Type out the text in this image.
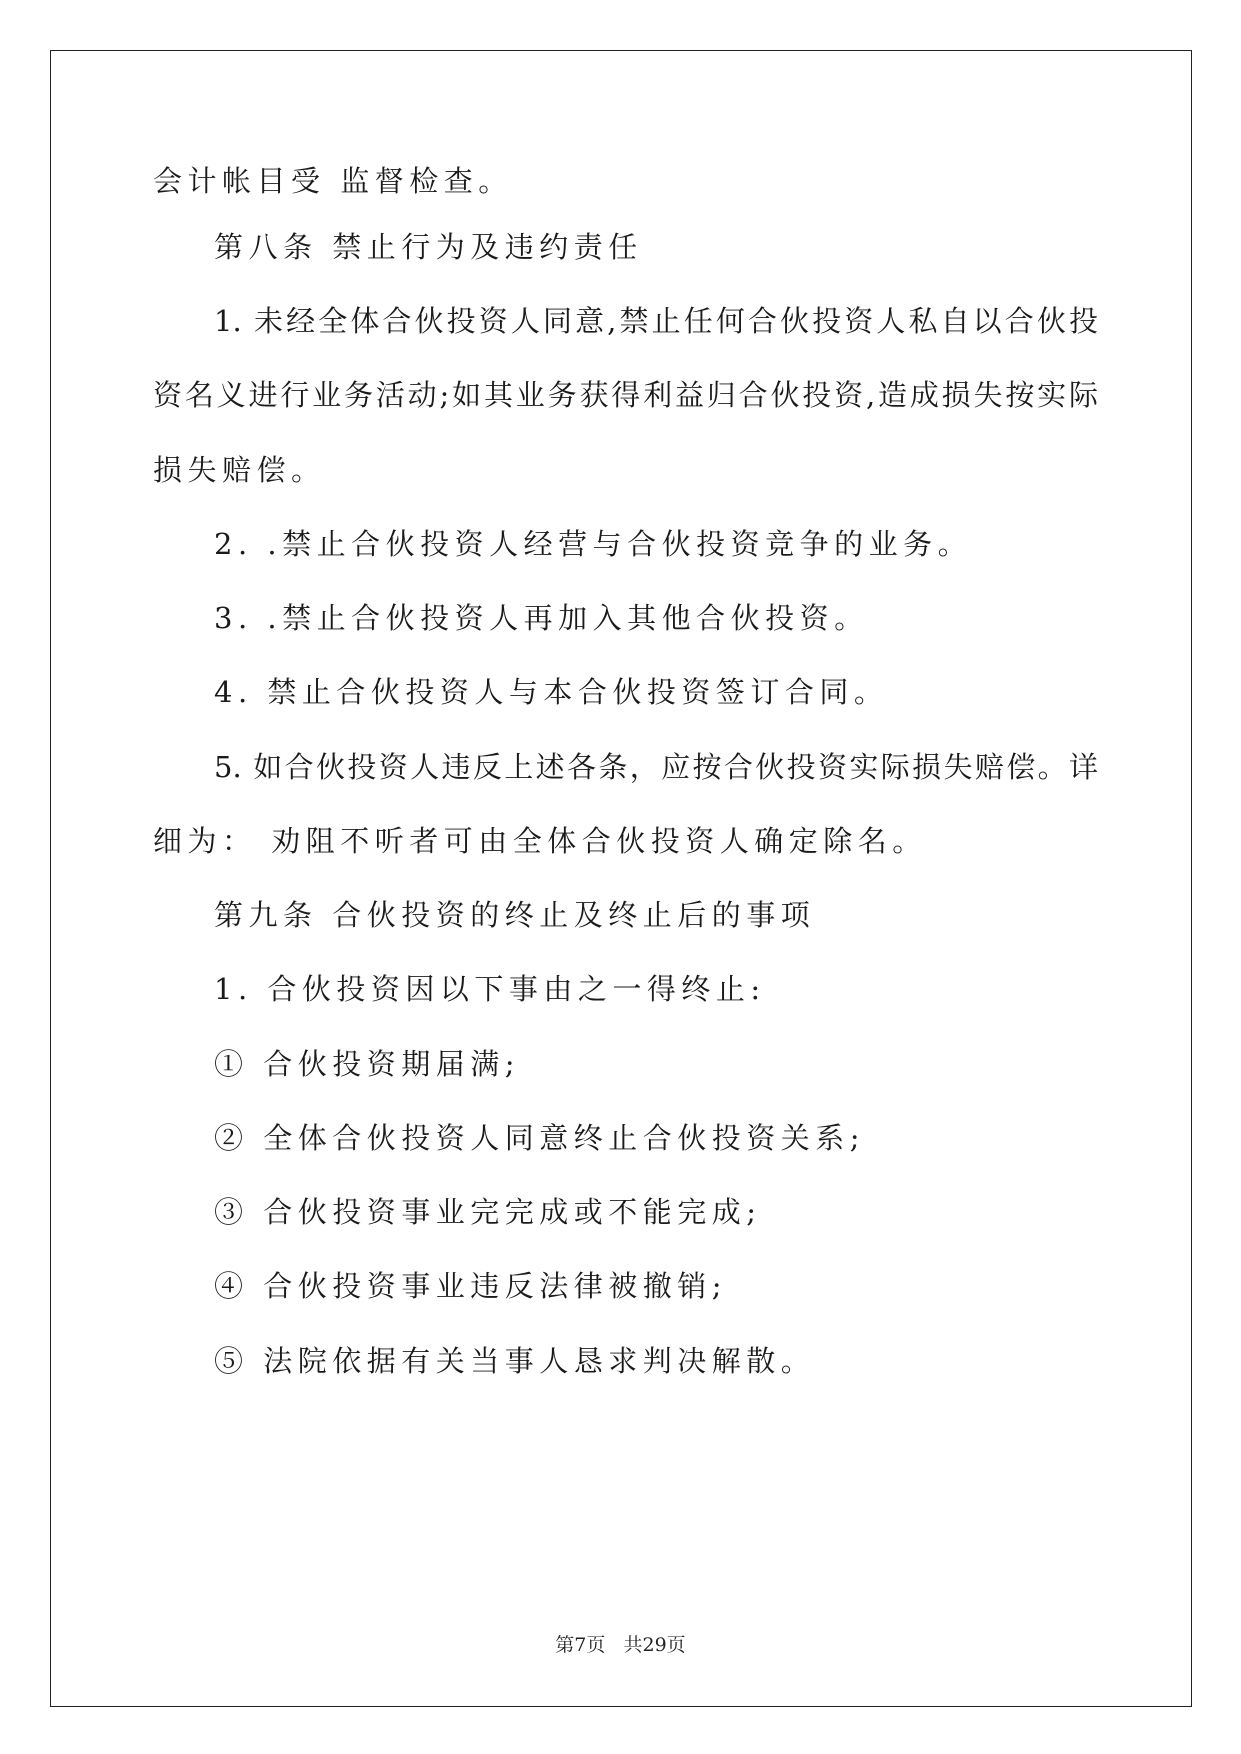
会计帐目受 监督检查。
第八条 禁止行为及违约责任
1. 未经全体合伙投资人同意,禁止任何合伙投资人私自以合伙投
资名义进行业务活动;如其业务获得利益归合伙投资,造成损失按实际
损失赔偿。
2. .禁止合伙投资人经营与合伙投资竞争的业务。
3. .禁止合伙投资人再加入其他合伙投资。
4. 禁止合伙投资人与本合伙投资签订合同。
5. 如合伙投资人违反上述各条，应按合伙投资实际损失赔偿。详
细为： 劝阻不听者可由全体合伙投资人确定除名。
第九条 合伙投资的终止及终止后的事项
1. 合伙投资因以下事由之一得终止:
① 合伙投资期届满;
② 全体合伙投资人同意终止合伙投资关系;
③ 合伙投资事业完完成或不能完成;
④ 合伙投资事业违反法律被撤销;
⑤ 法院依据有关当事人恳求判决解散。
第7页   共29页
